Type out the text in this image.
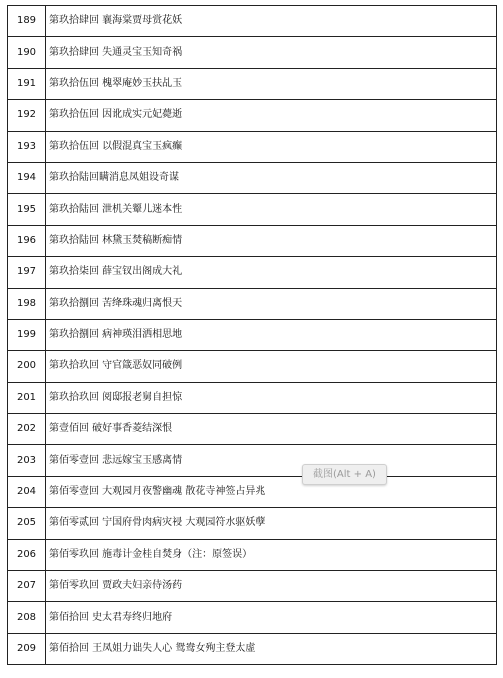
189	第玖拾肆回 襄海棠贾母赏花妖
190	第玖拾肆回 失通灵宝玉知奇祸
191	第玖拾伍回 槐翠庵妙玉扶乩玉
192	第玖拾伍回 因讹成实元妃薨逝
193	第玖拾伍回 以假混真宝玉疯癫
194	第玖拾陆回瞒消息凤姐设奇谋
195	第玖拾陆回 泄机关颦儿迷本性
196	第玖拾陆回 林黛玉焚稿断痴情
197	第玖拾柒回 薛宝钗出阁成大礼
198	第玖拾捌回 苦绛珠魂归离恨天
199	第玖拾捌回 病神瑛泪洒相思地
200	第玖拾玖回 守官箴恶奴同破例
201	第玖拾玖回 阅邸报老舅自担惊
202	第壹佰回 破好事香菱结深恨
203	第佰零壹回 悲远嫁宝玉感离情
204	第佰零壹回 大观园月夜警幽魂 散花寺神签占异兆
205	第佰零贰回 宁国府骨肉病灾祲 大观园符水驱妖孽
206	第佰零玖回 施毒计金桂自焚身（注：原签误）
207	第佰零玖回 贾政夫妇亲侍汤药
208	第佰拾回 史太君寿终归地府
209	第佰拾回 王凤姐力诎失人心 鸳鸯女殉主登太虚
截图(Alt + A)
